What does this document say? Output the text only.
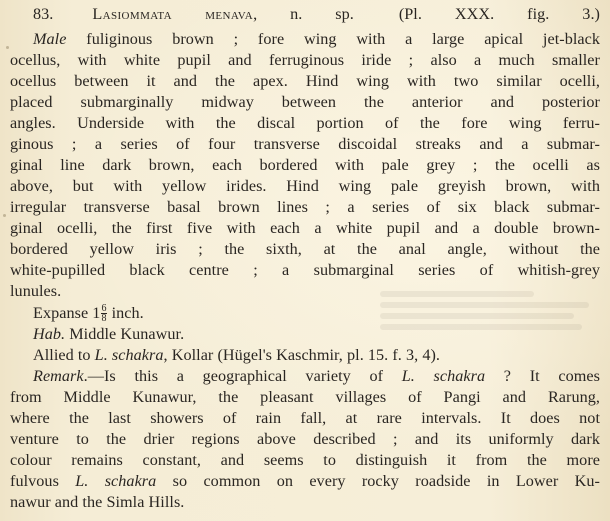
83. Lasiommata menava, n. sp.	(Pl. XXX. fig. 3.)
Male fuliginous brown ; fore wing with a large apical jet-black
ocellus, with white pupil and ferruginous iride ; also a much smaller
ocellus between it and the apex. Hind wing with two similar ocelli,
placed submarginally midway between the anterior and posterior
angles. Underside with the discal portion of the fore wing ferru-
ginous ; a series of four transverse discoidal streaks and a submar-
ginal line dark brown, each bordered with pale grey ; the ocelli as
above, but with yellow irides. Hind wing pale greyish brown, with
irregular transverse basal brown lines ; a series of six black submar-
ginal ocelli, the first five with each a white pupil and a double brown-
bordered yellow iris ; the sixth, at the anal angle, without the
white-pupilled black centre ; a submarginal series of whitish-grey
lunules.
Expanse $1 \frac{6}{8}$ inch.
Hab. Middle Kunawur.
Allied to L. schakra, Kollar (Hügel's Kaschmir, pl. 15. f. 3, 4).
Remark.—Is this a geographical variety of L. schakra ? It comes
from Middle Kunawur, the pleasant villages of Pangi and Rarung,
where the last showers of rain fall, at rare intervals. It does not
venture to the drier regions above described ; and its uniformly dark
colour remains constant, and seems to distinguish it from the more
fulvous L. schakra so common on every rocky roadside in Lower Ku-
nawur and the Simla Hills.
